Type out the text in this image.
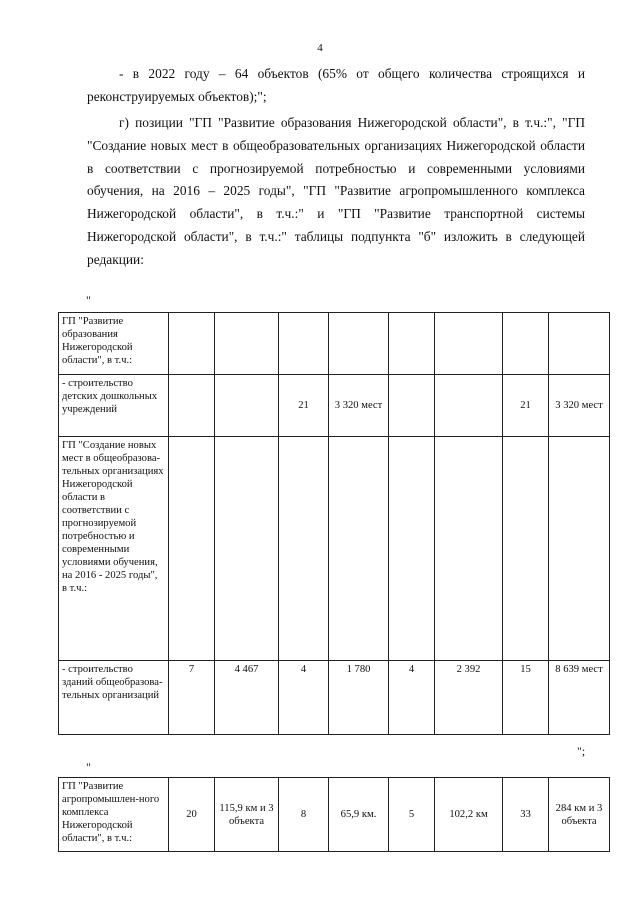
4
- в 2022 году – 64 объектов (65% от общего количества строящихся и реконструируемых объектов);";
г) позиции "ГП "Развитие образования Нижегородской области", в т.ч.:", "ГП "Создание новых мест в общеобразовательных организациях Нижегородской области в соответствии с прогнозируемой потребностью и современными условиями обучения, на 2016 – 2025 годы", "ГП "Развитие агропромышленного комплекса Нижегородской области", в т.ч.:" и "ГП "Развитие транспортной системы Нижегородской области", в т.ч.:" таблицы подпункта "б" изложить в следующей редакции:
"
ГП "Развитие образования Нижегородской области", в т.ч.:								
- строительство детских дошкольных учреждений			21	3 320 мест			21	3 320 мест
ГП "Создание новых мест в общеобразова-тельных организациях Нижегородской области в соответствии с прогнозируемой потребностью и современными условиями обучения, на 2016 - 2025 годы", в т.ч.:								
- строительство зданий общеобразова-тельных организаций	7	4 467	4	1 780	4	2 392	15	8 639 мест
";
"
ГП "Развитие агропромышлен-ного комплекса Нижегородской области", в т.ч.:	20	115,9 км и 3 объекта	8	65,9 км.	5	102,2 км	33	284 км и 3 объекта
